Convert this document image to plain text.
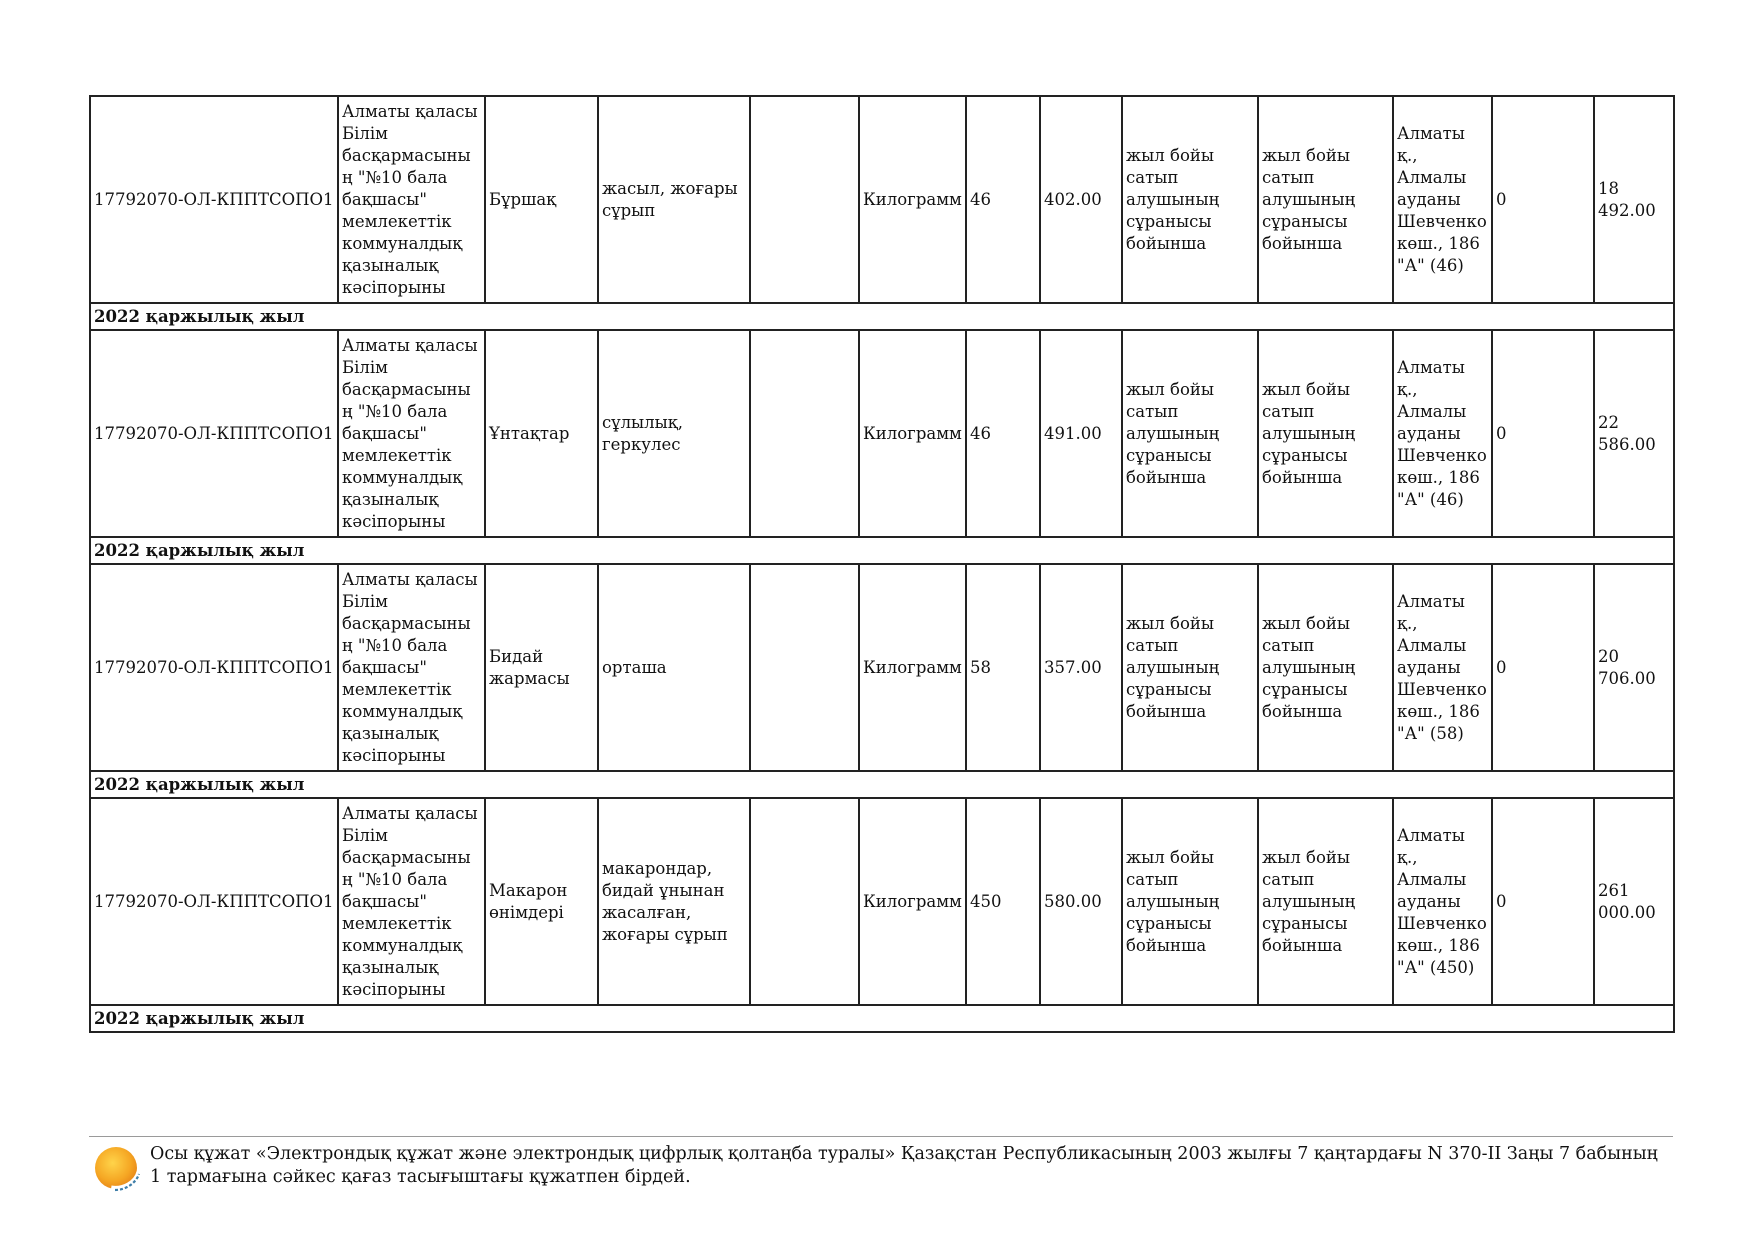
17792070-ОЛ-КППТСОПО1	Алматы қаласы Білім басқармасының "№10 бала бақшасы" мемлекеттік коммуналдық қазыналық кәсіпорыны	Бұршақ	жасыл, жоғары сұрып		Килограмм	46	402.00	жыл бойы сатып алушының сұранысы бойынша	жыл бойы сатып алушының сұранысы бойынша	Алматы қ., Алмалы ауданы Шевченко көш., 186 "А" (46)	0	18 492.00
2022 қаржылық жыл												
17792070-ОЛ-КППТСОПО1	Алматы қаласы Білім басқармасының "№10 бала бақшасы" мемлекеттік коммуналдық қазыналық кәсіпорыны	Ұнтақтар	сұлылық, геркулес		Килограмм	46	491.00	жыл бойы сатып алушының сұранысы бойынша	жыл бойы сатып алушының сұранысы бойынша	Алматы қ., Алмалы ауданы Шевченко көш., 186 "А" (46)	0	22 586.00
2022 қаржылық жыл												
17792070-ОЛ-КППТСОПО1	Алматы қаласы Білім басқармасының "№10 бала бақшасы" мемлекеттік коммуналдық қазыналық кәсіпорыны	Бидай жармасы	орташа		Килограмм	58	357.00	жыл бойы сатып алушының сұранысы бойынша	жыл бойы сатып алушының сұранысы бойынша	Алматы қ., Алмалы ауданы Шевченко көш., 186 "А" (58)	0	20 706.00
2022 қаржылық жыл												
17792070-ОЛ-КППТСОПО1	Алматы қаласы Білім басқармасының "№10 бала бақшасы" мемлекеттік коммуналдық қазыналық кәсіпорыны	Макарон өнімдері	макарондар, бидай ұнынан жасалған, жоғары сұрып		Килограмм	450	580.00	жыл бойы сатып алушының сұранысы бойынша	жыл бойы сатып алушының сұранысы бойынша	Алматы қ., Алмалы ауданы Шевченко көш., 186 "А" (450)	0	261 000.00
2022 қаржылық жыл												
Осы құжат «Электрондық құжат және электрондық цифрлық қолтаңба туралы» Қазақстан Республикасының 2003 жылғы 7 қаңтардағы N 370-II Заңы 7 бабының 1 тармағына сәйкес қағаз тасығыштағы құжатпен бірдей.
